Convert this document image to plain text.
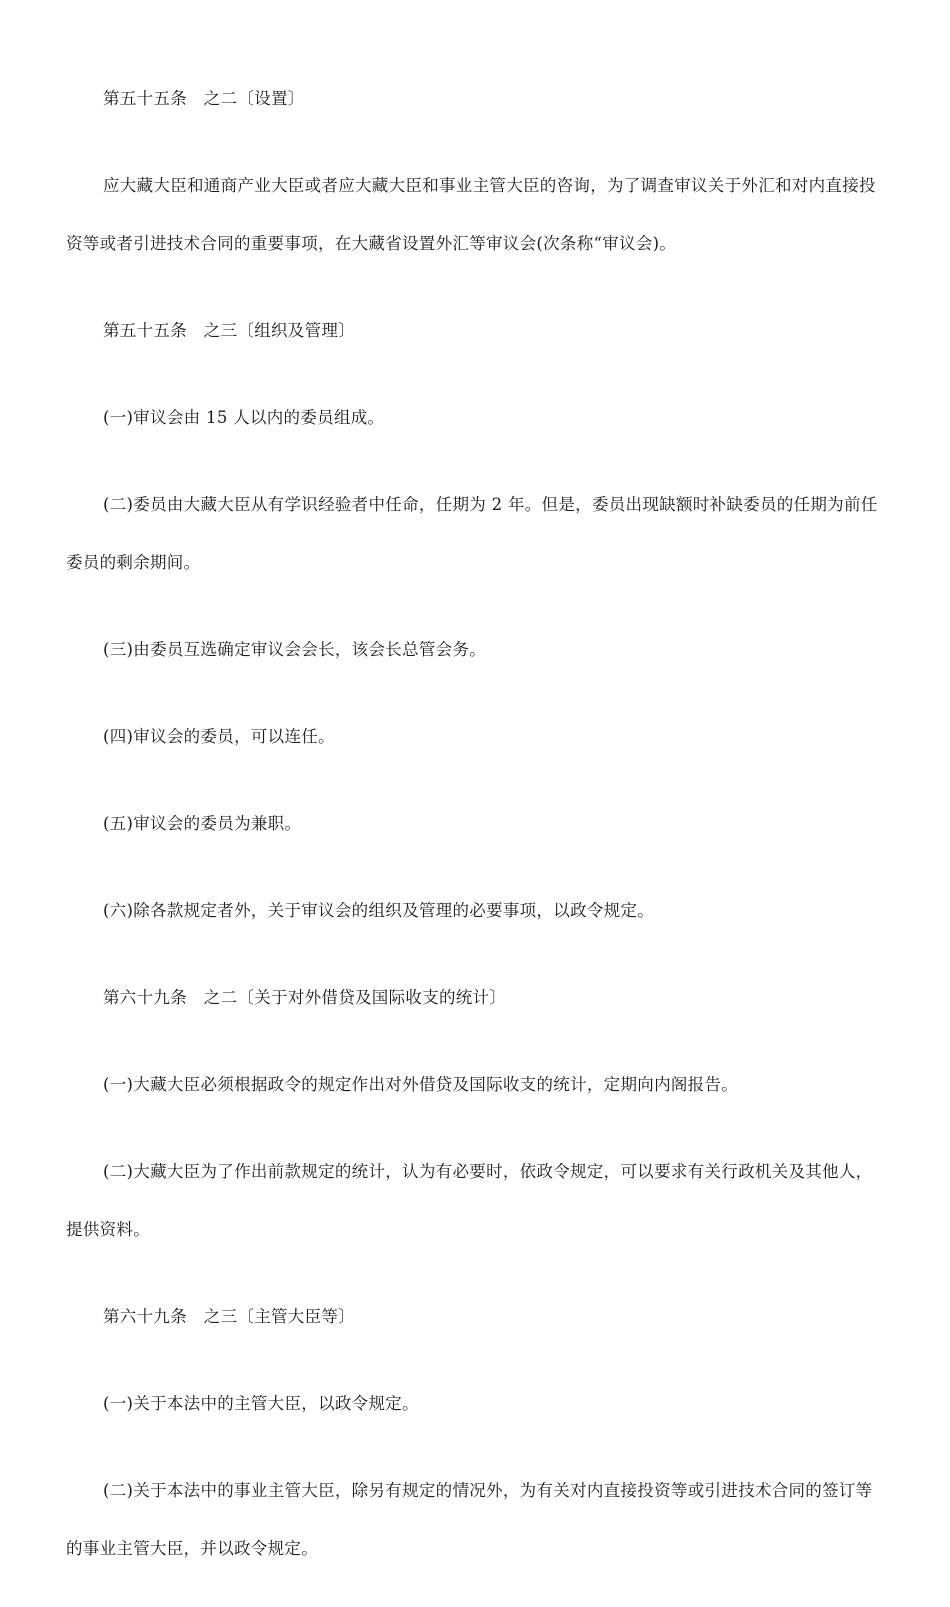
第五十五条　之二〔设置〕

应大藏大臣和通商产业大臣或者应大藏大臣和事业主管大臣的咨询，为了调查审议关于外汇和对内直接投资等或者引进技术合同的重要事项，在大藏省设置外汇等审议会(次条称“审议会)。

第五十五条　之三〔组织及管理〕

(一)审议会由 15 人以内的委员组成。

(二)委员由大藏大臣从有学识经验者中任命，任期为 2 年。但是，委员出现缺额时补缺委员的任期为前任委员的剩余期间。

(三)由委员互选确定审议会会长，该会长总管会务。

(四)审议会的委员，可以连任。

(五)审议会的委员为兼职。

(六)除各款规定者外，关于审议会的组织及管理的必要事项，以政令规定。

第六十九条　之二〔关于对外借贷及国际收支的统计〕

(一)大藏大臣必须根据政令的规定作出对外借贷及国际收支的统计，定期向内阁报告。

(二)大藏大臣为了作出前款规定的统计，认为有必要时，依政令规定，可以要求有关行政机关及其他人，提供资料。

第六十九条　之三〔主管大臣等〕

(一)关于本法中的主管大臣，以政令规定。

(二)关于本法中的事业主管大臣，除另有规定的情况外，为有关对内直接投资等或引进技术合同的签订等的事业主管大臣，并以政令规定。
